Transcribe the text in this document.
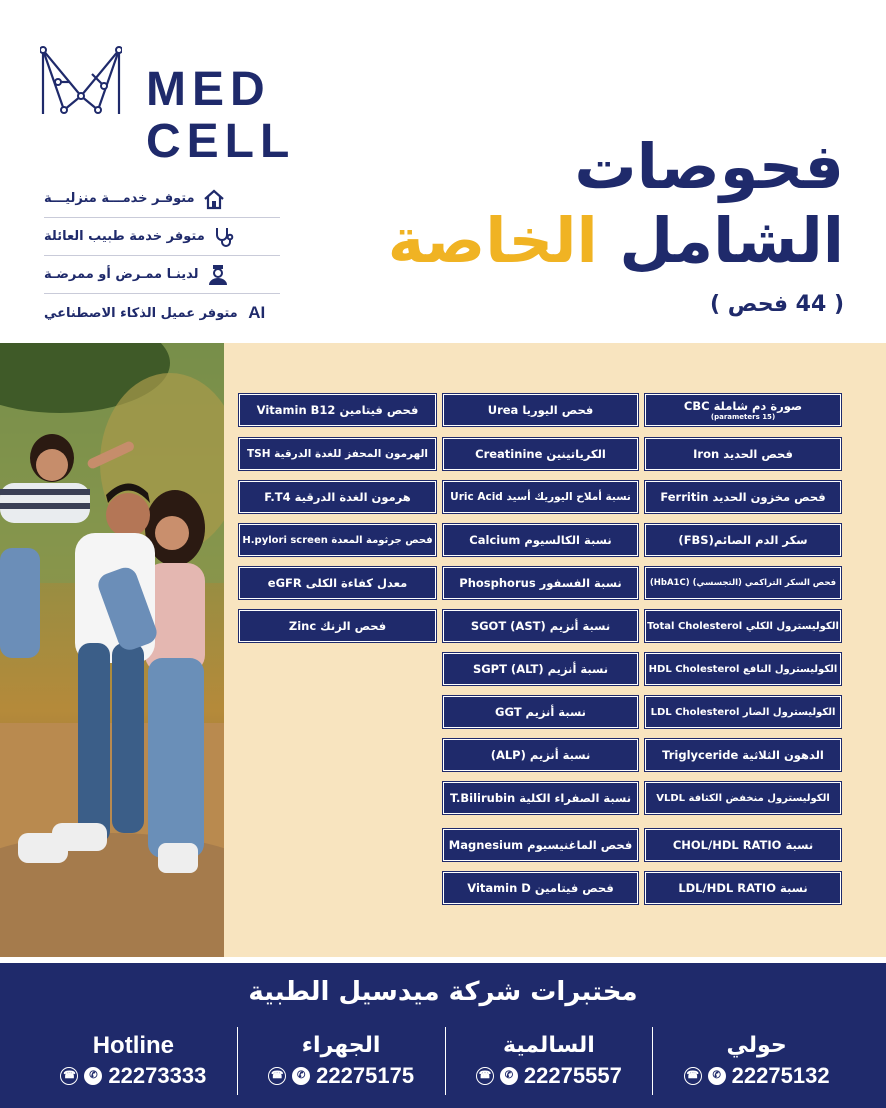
MED
CELL
متوفـر خدمـــة منزليـــة
متوفر خدمة طبيب العائلة
لدينـا ممـرض أو ممرضـة
AI
متوفر عميل الذكاء الاصطناعي
فحوصات
الشامل الخاصة
( 44 فحص )
صورة دم شاملة CBC
(15 parameters)
فحص الحديد Iron
فحص مخزون الحديد Ferritin
سكر الدم الصائم(FBS)
فحص السكر التراكمي (التجسسي) (HbA1C)
الكوليسترول الكلي Total Cholesterol
الكوليسترول النافع HDL Cholesterol
الكوليسترول الضار LDL Cholesterol
الدهون الثلاثية Triglyceride
الكوليسترول منخفض الكثافة VLDL
نسبة CHOL/HDL RATIO
نسبة LDL/HDL RATIO
فحص اليوريا Urea
الكرياتينين Creatinine
نسبة أملاح اليوريك أسيد Uric Acid
نسبة الكالسيوم Calcium
نسبة الفسفور Phosphorus
نسبة أنزيم (SGOT (AST
نسبة أنزيم (SGPT (ALT
نسبة أنزيم GGT
نسبة أنزيم (ALP)
نسبة الصفراء الكلية T.Bilirubin
فحص الماغنيسيوم Magnesium
فحص فيتامين Vitamin D
فحص فيتامين Vitamin B12
الهرمون المحفز للغدة الدرقية TSH
هرمون الغدة الدرقية F.T4
فحص جرثومة المعدة H.pylori screen
معدل كفاءة الكلى eGFR
فحص الزنك Zinc
مختبرات شركة ميدسيل الطبية
Hotline
☎	✆ 22273333
الجهراء
☎	✆ 22275175
السالمية
☎	✆ 22275557
حولي
☎	✆ 22275132
